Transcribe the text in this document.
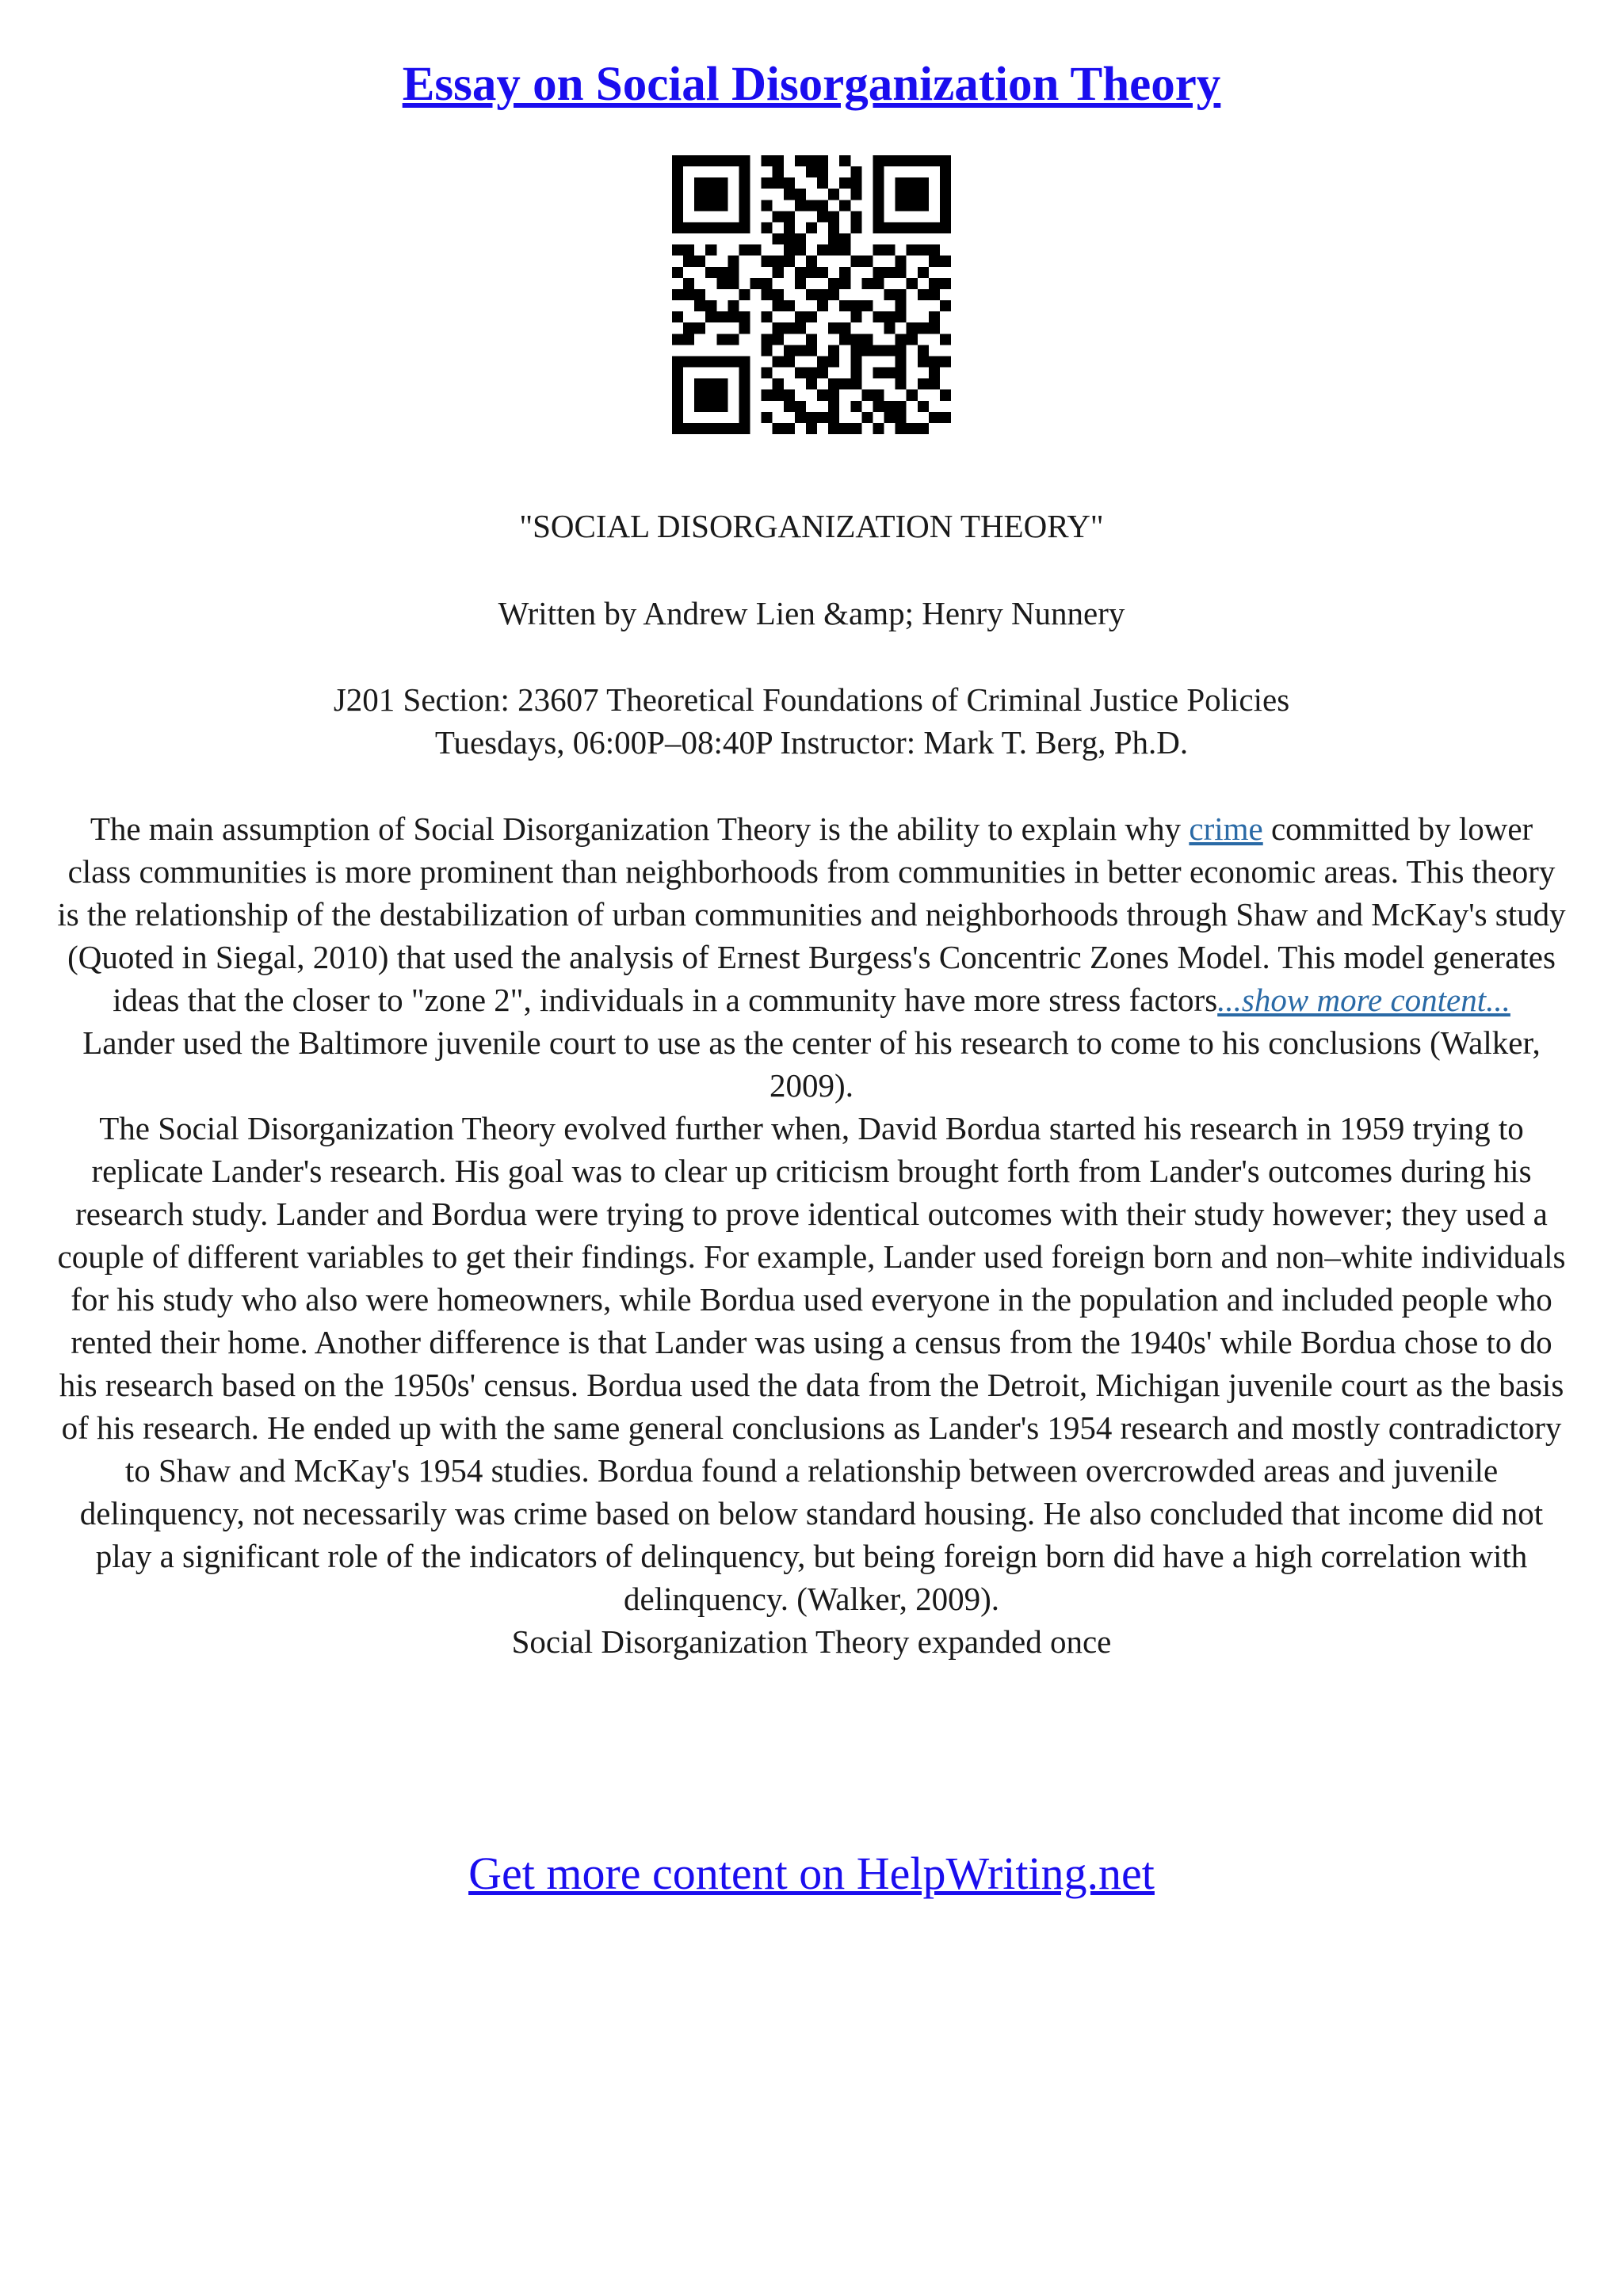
Essay on Social Disorganization Theory
"SOCIAL DISORGANIZATION THEORY"
Written by Andrew Lien &amp; Henry Nunnery
J201 Section: 23607 Theoretical Foundations of Criminal Justice Policies
Tuesdays, 06:00P–08:40P Instructor: Mark T. Berg, Ph.D.

The main assumption of Social Disorganization Theory is the ability to explain why crime committed by lower class communities is more prominent than neighborhoods from communities in better economic areas. This theory is the relationship of the destabilization of urban communities and neighborhoods through Shaw and McKay's study (Quoted in Siegal, 2010) that used the analysis of Ernest Burgess's Concentric Zones Model. This model generates ideas that the closer to "zone 2", individuals in a community have more stress factors...show more content...

Lander used the Baltimore juvenile court to use as the center of his research to come to his conclusions (Walker, 2009).

The Social Disorganization Theory evolved further when, David Bordua started his research in 1959 trying to replicate Lander's research. His goal was to clear up criticism brought forth from Lander's outcomes during his research study. Lander and Bordua were trying to prove identical outcomes with their study however; they used a couple of different variables to get their findings. For example, Lander used foreign born and non–white individuals for his study who also were homeowners, while Bordua used everyone in the population and included people who rented their home. Another difference is that Lander was using a census from the 1940s' while Bordua chose to do his research based on the 1950s' census. Bordua used the data from the Detroit, Michigan juvenile court as the basis of his research. He ended up with the same general conclusions as Lander's 1954 research and mostly contradictory to Shaw and McKay's 1954 studies. Bordua found a relationship between overcrowded areas and juvenile delinquency, not necessarily was crime based on below standard housing. He also concluded that income did not play a significant role of the indicators of delinquency, but being foreign born did have a high correlation with delinquency. (Walker, 2009).

Social Disorganization Theory expanded once

Get more content on HelpWriting.net
